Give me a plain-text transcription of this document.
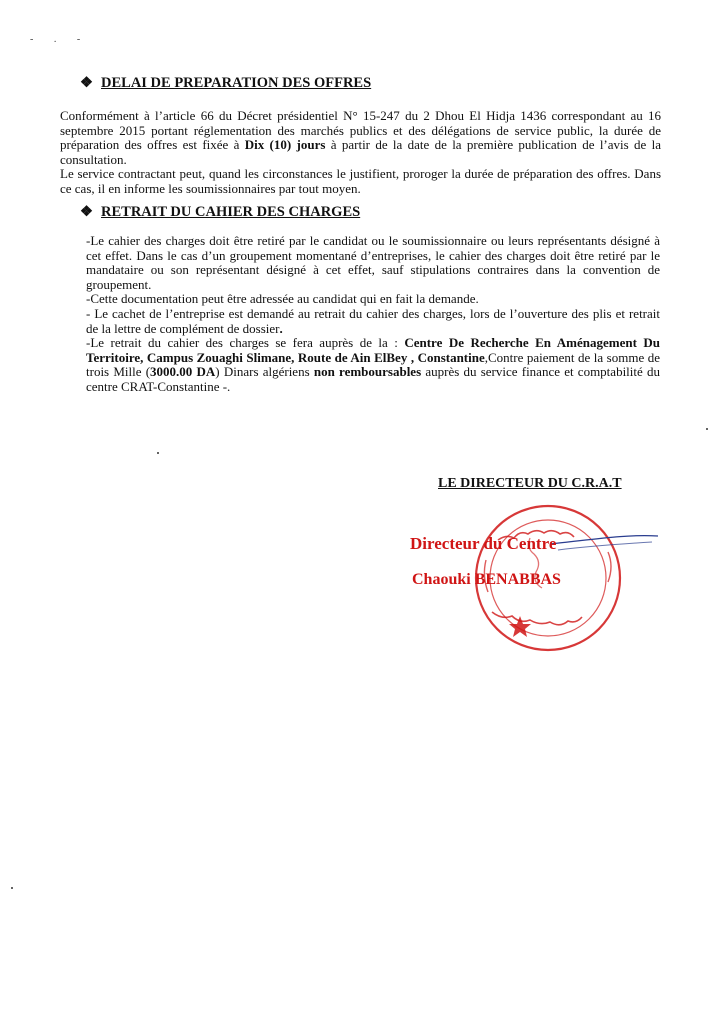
- . -
❖ DELAI DE PREPARATION DES OFFRES

Conformément à l’article 66 du Décret présidentiel N° 15-247 du 2 Dhou El Hidja 1436 correspondant au 16 septembre 2015 portant réglementation des marchés publics et des délégations de service public, la durée de préparation des offres est fixée à Dix (10) jours à partir de la date de la première publication de l’avis de la consultation.

Le service contractant peut, quand les circonstances le justifient, proroger la durée de préparation des offres. Dans ce cas, il en informe les soumissionnaires par tout moyen.

❖ RETRAIT DU CAHIER DES CHARGES

-Le cahier des charges doit être retiré par le candidat ou le soumissionnaire ou leurs représentants désigné à cet effet. Dans le cas d’un groupement momentané d’entreprises, le cahier des charges doit être retiré par le mandataire ou son représentant désigné à cet effet, sauf stipulations contraires dans la convention de groupement.

-Cette documentation peut être adressée au candidat qui en fait la demande.

- Le cachet de l’entreprise est demandé au retrait du cahier des charges, lors de l’ouverture des plis et retrait de la lettre de complément de dossier.

-Le retrait du cahier des charges se fera auprès de la : Centre De Recherche En Aménagement Du Territoire, Campus Zouaghi Slimane, Route de Ain ElBey , Constantine,Contre paiement de la somme de trois Mille (3000.00 DA) Dinars algériens non remboursables auprès du service finance et comptabilité du centre CRAT-Constantine -.

LE DIRECTEUR DU C.R.A.T
Directeur du Centre
Chaouki BENABBAS
